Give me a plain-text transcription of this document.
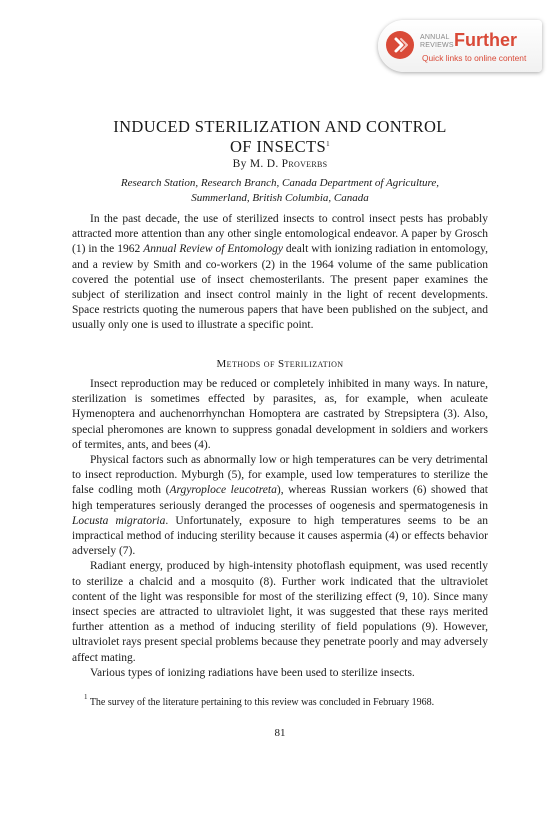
ANNUAL
REVIEWS Further
Quick links to online content
INDUCED STERILIZATION AND CONTROL
OF INSECTS$^1$
By M. D. Proverbs
Research Station, Research Branch, Canada Department of Agriculture,
Summerland, British Columbia, Canada

In the past decade, the use of sterilized insects to control insect pests has probably attracted more attention than any other single entomological endeavor. A paper by Grosch (1) in the 1962 Annual Review of Entomology dealt with ionizing radiation in entomology, and a review by Smith and co-workers (2) in the 1964 volume of the same publication covered the potential use of insect chemosterilants. The present paper examines the subject of sterilization and insect control mainly in the light of recent developments. Space restricts quoting the numerous papers that have been published on the subject, and usually only one is used to illustrate a specific point.

Methods of Sterilization

Insect reproduction may be reduced or completely inhibited in many ways. In nature, sterilization is sometimes effected by parasites, as, for example, when aculeate Hymenoptera and auchenorrhynchan Homoptera are castrated by Strepsiptera (3). Also, special pheromones are known to suppress gonadal development in soldiers and workers of termites, ants, and bees (4).

Physical factors such as abnormally low or high temperatures can be very detrimental to insect reproduction. Myburgh (5), for example, used low temperatures to sterilize the false codling moth (Argyroploce leucotreta), whereas Russian workers (6) showed that high temperatures seriously deranged the processes of oogenesis and spermatogenesis in Locusta migratoria. Unfortunately, exposure to high temperatures seems to be an impractical method of inducing sterility because it causes aspermia (4) or effects behavior adversely (7).

Radiant energy, produced by high-intensity photoflash equipment, was used recently to sterilize a chalcid and a mosquito (8). Further work indicated that the ultraviolet content of the light was responsible for most of the sterilizing effect (9, 10). Since many insect species are attracted to ultraviolet light, it was suggested that these rays merited further attention as a method of inducing sterility of field populations (9). However, ultraviolet rays present special problems because they penetrate poorly and may adversely affect mating.

Various types of ionizing radiations have been used to sterilize insects.

$^1$ The survey of the literature pertaining to this review was concluded in February 1968.
81
